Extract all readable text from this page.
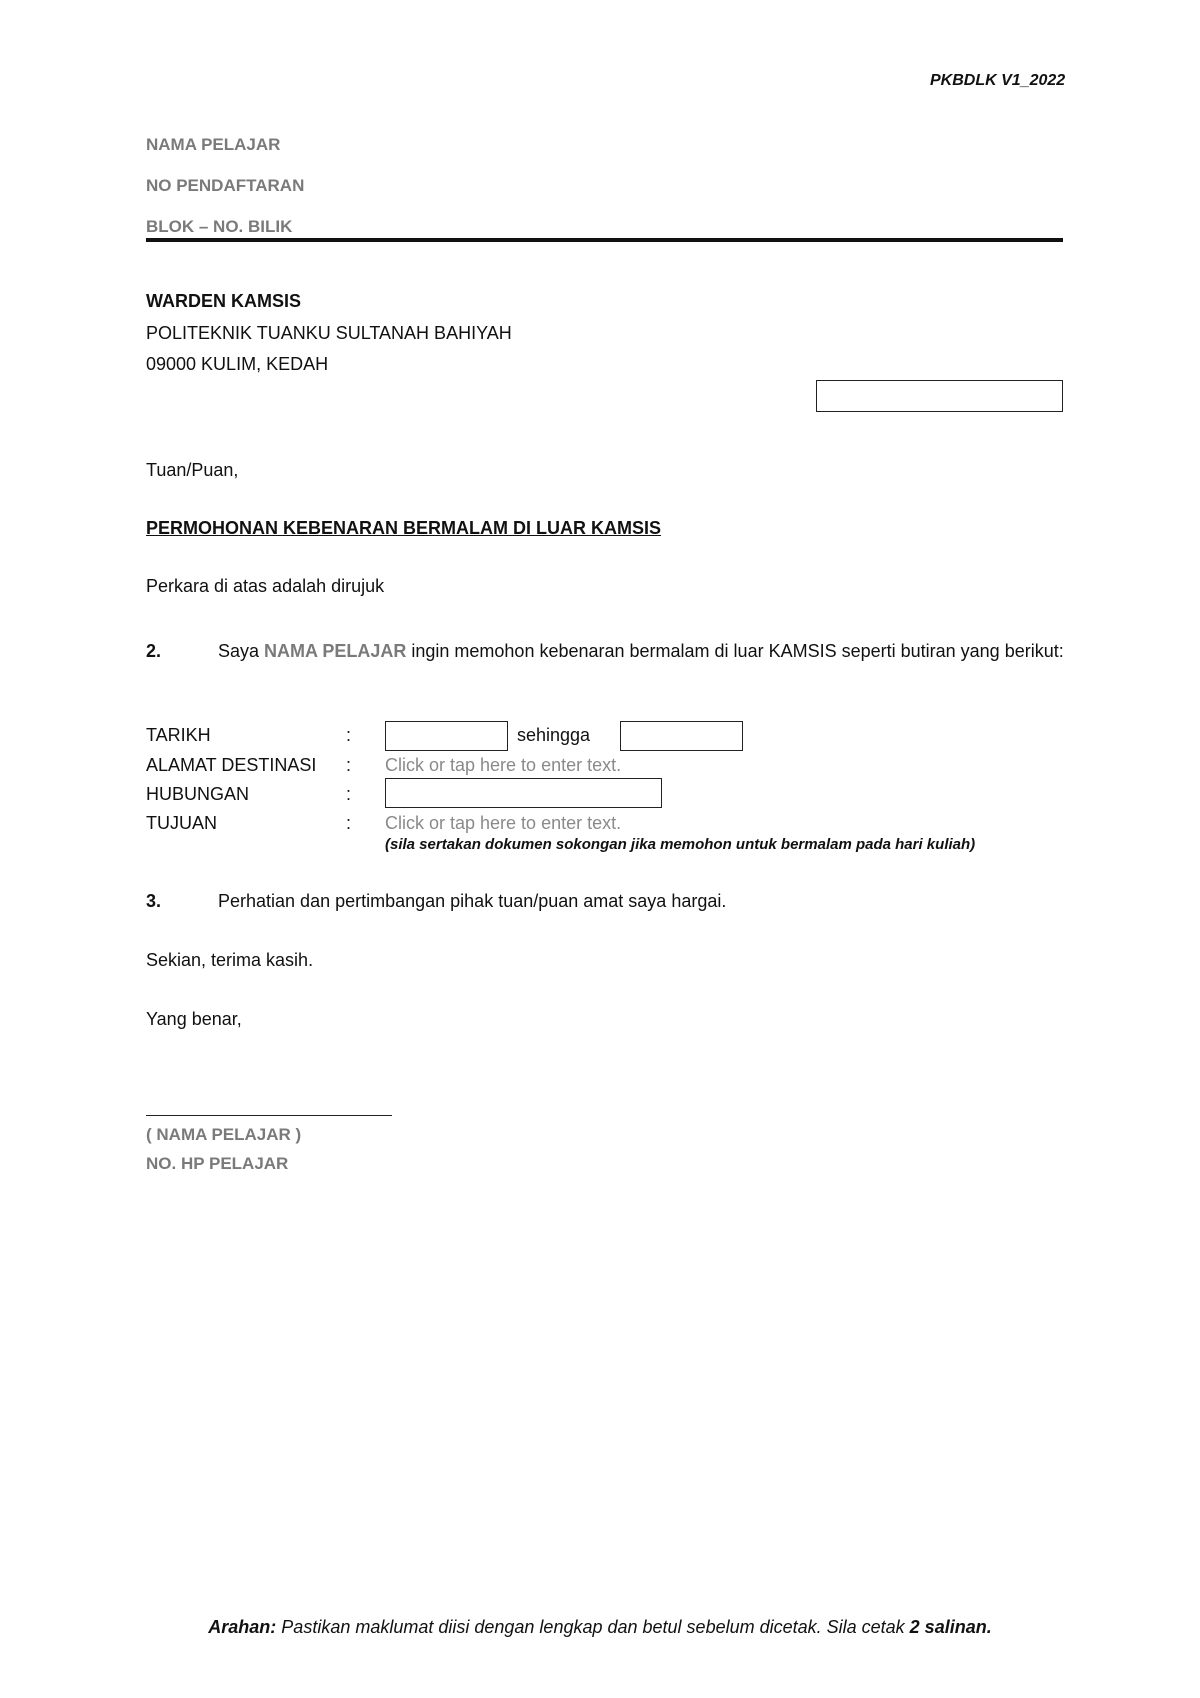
PKBDLK V1_2022
NAMA PELAJAR
NO PENDAFTARAN
BLOK – NO. BILIK
WARDEN KAMSIS
POLITEKNIK TUANKU SULTANAH BAHIYAH
09000 KULIM, KEDAH
Tuan/Puan,
PERMOHONAN KEBENARAN BERMALAM DI LUAR KAMSIS
Perkara di atas adalah dirujuk
2.	Saya NAMA PELAJAR ingin memohon kebenaran bermalam di luar KAMSIS seperti butiran yang berikut:
TARIKH	:	sehingga
ALAMAT DESTINASI : Click or tap here to enter text.
HUBUNGAN	:
TUJUAN	: Click or tap here to enter text.
(sila sertakan dokumen sokongan jika memohon untuk bermalam pada hari kuliah)
3.	Perhatian dan pertimbangan pihak tuan/puan amat saya hargai.
Sekian, terima kasih.
Yang benar,
( NAMA PELAJAR )
NO. HP PELAJAR
Arahan: Pastikan maklumat diisi dengan lengkap dan betul sebelum dicetak. Sila cetak 2 salinan.
